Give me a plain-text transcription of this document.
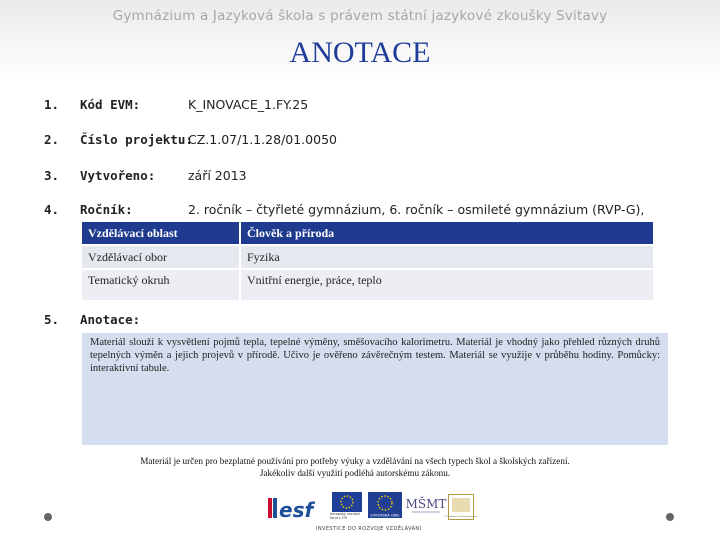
Gymnázium a Jazyková škola s právem státní jazykové zkoušky Svitavy
ANOTACE
1. Kód EVM:	K_INOVACE_1.FY.25
2. Číslo projektu:
CZ.1.07/1.1.28/01.0050
3. Vytvořeno:	září 2013
4. Ročník:	2. ročník – čtyřleté gymnázium, 6. ročník – osmileté gymnázium (RVP-G),
Vzdělávací oblast	Člověk a příroda
Vzdělávací obor	Fyzika
Tematický okruh	Vnitřní energie, práce, teplo
5. Anotace:
Materiál slouží k vysvětlení pojmů tepla, tepelné výměny, směšovacího kalorimetru. Materiál je vhodný jako přehled různých druhů tepelných výměn a jejich projevů v přírodě. Učivo je ověřeno závěrečným testem. Materiál se využije v průběhu hodiny. Pomůcky: interaktivní tabule.
Materiál je určen pro bezplatné používání pro potřeby výuky a vzdělávání na všech typech škol a školských zařízení.
Jakékoliv další využití podléhá autorskému zákonu.
esf	evropský sociální fond v ČR
EVROPSKÁ UNIE
MŠMT
OP Vzdělávání pro konkurenceschopnost
INVESTICE DO ROZVOJE VZDĚLÁVÁNÍ
